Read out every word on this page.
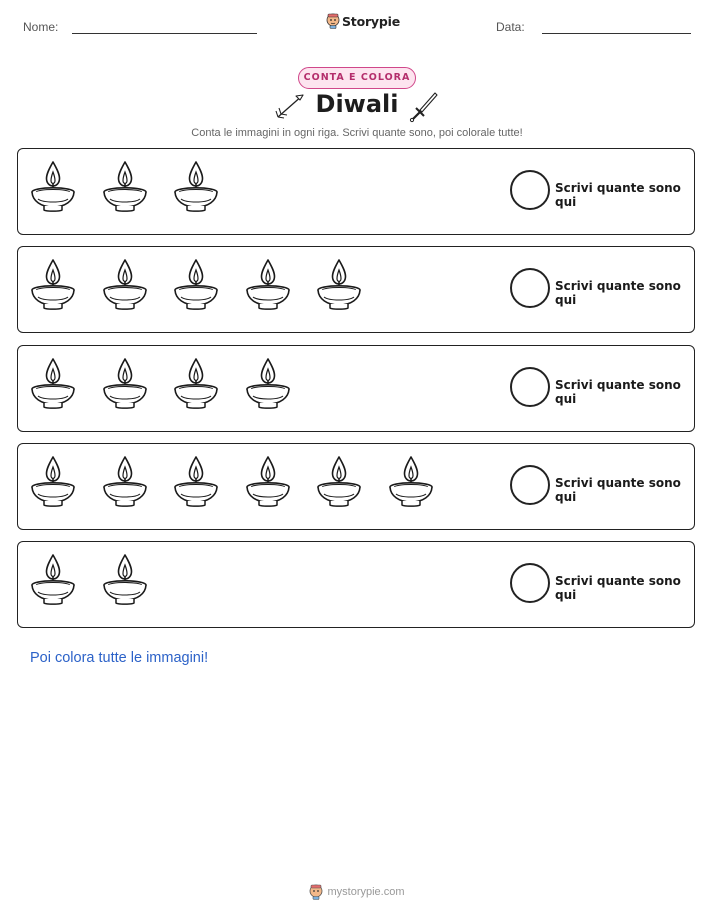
Nome:	Storypie	Data:
CONTA E COLORA
Diwali
Conta le immagini in ogni riga. Scrivi quante sono, poi colorale tutte!
Scrivi quante sono qui
Scrivi quante sono qui
Scrivi quante sono qui
Scrivi quante sono qui
Scrivi quante sono qui
Poi colora tutte le immagini!
mystorypie.com
